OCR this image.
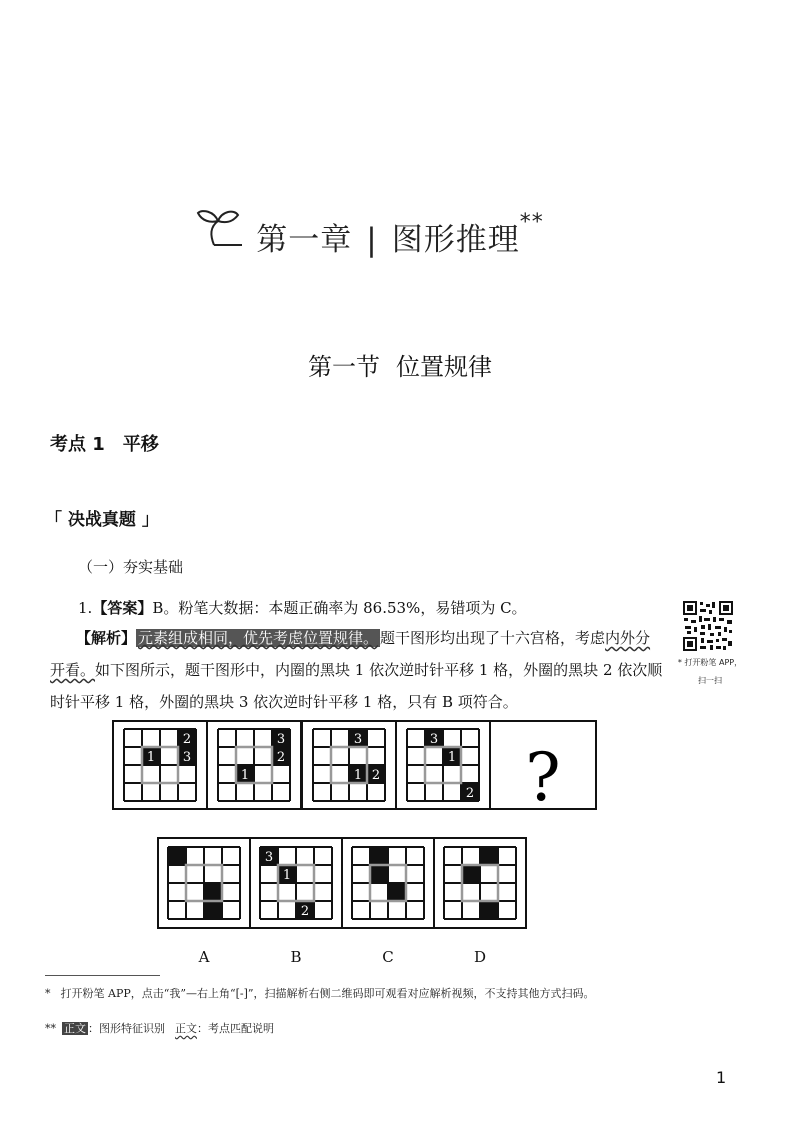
第一章 | 图形推理**
第一节 位置规律
考点 1 平移
「 决战真题 」
（一）夯实基础
1.【答案】B。粉笔大数据：本题正确率为 86.53%，易错项为 C。
【解析】 元素组成相同，优先考虑位置规律。 题干图形均出现了十六宫格，考虑内外分开看。如下图所示，题干图形中，内圈的黑块 1 依次逆时针平移 1 格，外圈的黑块 2 依次顺时针平移 1 格，外圈的黑块 3 依次逆时针平移 1 格，只有 B 项符合。
* 打开粉笔 APP，
扫一扫
2
1 3
3
2
1
3
1 2
3
1
2
A
3
1
2
B	C	D
?
* 打开粉笔 APP，点击“我”—右上角“[-]”，扫描解析右侧二维码即可观看对应解析视频，不支持其他方式扫码。
** 正文 ：图形特征识别 正文：考点匹配说明
1
